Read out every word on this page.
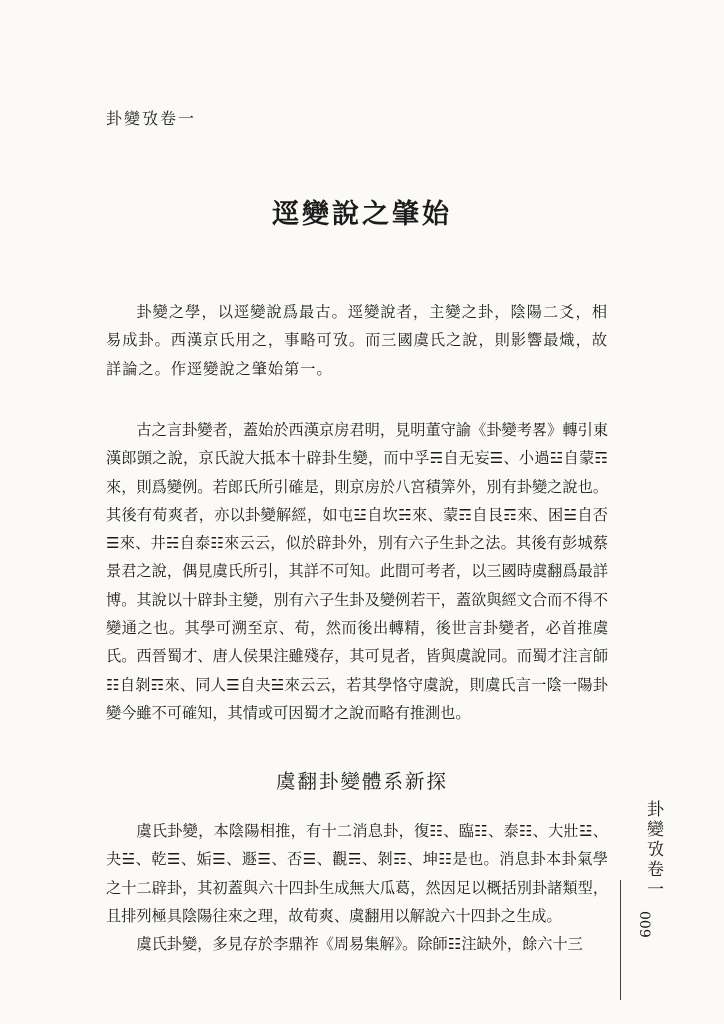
卦變攷卷一
逕變說之肇始

卦變之學，以逕變說爲最古。逕變說者，主變之卦，陰陽二爻，相易成卦。西漢京氏用之，事略可攷。而三國虞氏之說，則影響最熾，故詳論之。作逕變說之肇始第一。

古之言卦變者，蓋始於西漢京房君明，見明董守諭《卦變考畧》轉引東漢郎顗之說，京氏說大抵本十辟卦生變，而中孚☴自无妄☰、小過☳自蒙☶來，則爲變例。若郎氏所引確是，則京房於八宮積筭外，別有卦變之說也。其後有荀爽者，亦以卦變解經，如屯☳自坎☵來、蒙☶自艮☶來、困☱自否☰來、井☵自泰☷來云云，似於辟卦外，別有六子生卦之法。其後有彭城蔡景君之說，偶見虞氏所引，其詳不可知。此間可考者，以三國時虞翻爲最詳博。其說以十辟卦主變，別有六子生卦及變例若干，蓋欲與經文合而不得不變通之也。其學可溯至京、荀，然而後出轉精，後世言卦變者，必首推虞氏。西晉蜀才、唐人侯果注雖殘存，其可見者，皆與虞說同。而蜀才注言師☷自剝☶來、同人☰自夬☱來云云，若其學恪守虞說，則虞氏言一陰一陽卦變今雖不可確知，其情或可因蜀才之說而略有推測也。

虞翻卦變體系新探

虞氏卦變，本陰陽相推，有十二消息卦，復☷、臨☷、泰☷、大壯☳、夬☱、乾☰、姤☰、遯☰、否☰、觀☴、剝☶、坤☷是也。消息卦本卦氣學之十二辟卦，其初蓋與六十四卦生成無大瓜葛，然因足以概括別卦諸類型，且排列極具陰陽往來之理，故荀爽、虞翻用以解說六十四卦之生成。

虞氏卦變，多見存於李鼎祚《周易集解》。除師☷注缺外，餘六十三

卦變攷卷一
009
